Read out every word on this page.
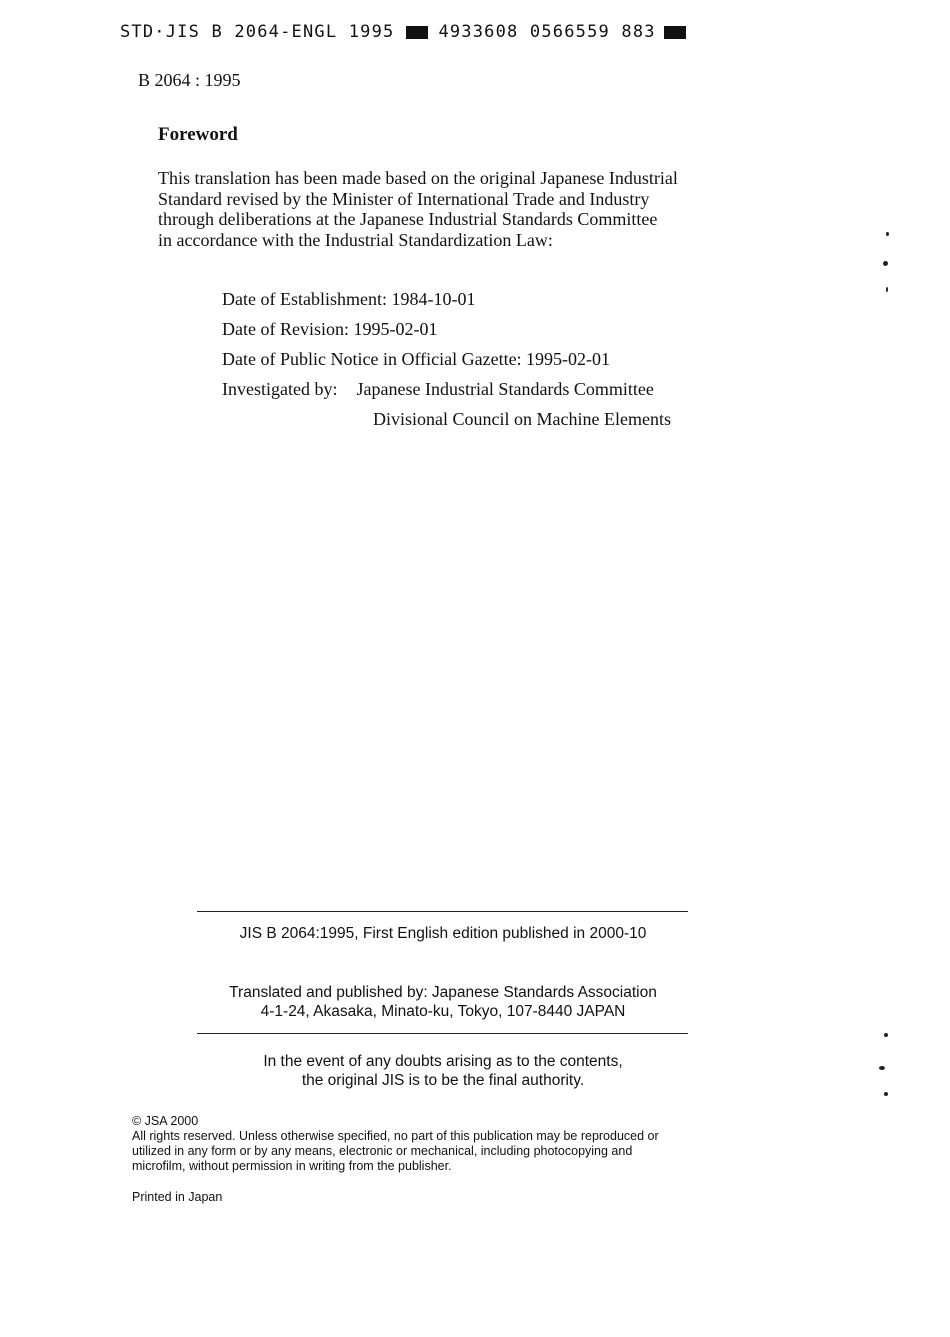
STD·JIS B 2064-ENGL 1995	4933608 0566559 883
B 2064 : 1995
Foreword
This translation has been made based on the original Japanese Industrial
Standard revised by the Minister of International Trade and Industry
through deliberations at the Japanese Industrial Standards Committee
in accordance with the Industrial Standardization Law:
Date of Establishment: 1984-10-01
Date of Revision: 1995-02-01
Date of Public Notice in Official Gazette: 1995-02-01
Investigated by: Japanese Industrial Standards Committee
Divisional Council on Machine Elements
JIS B 2064:1995, First English edition published in 2000-10
Translated and published by: Japanese Standards Association
4-1-24, Akasaka, Minato-ku, Tokyo, 107-8440 JAPAN
In the event of any doubts arising as to the contents,
the original JIS is to be the final authority.
© JSA 2000
All rights reserved. Unless otherwise specified, no part of this publication may be reproduced or
utilized in any form or by any means, electronic or mechanical, including photocopying and
microfilm, without permission in writing from the publisher.
Printed in Japan
